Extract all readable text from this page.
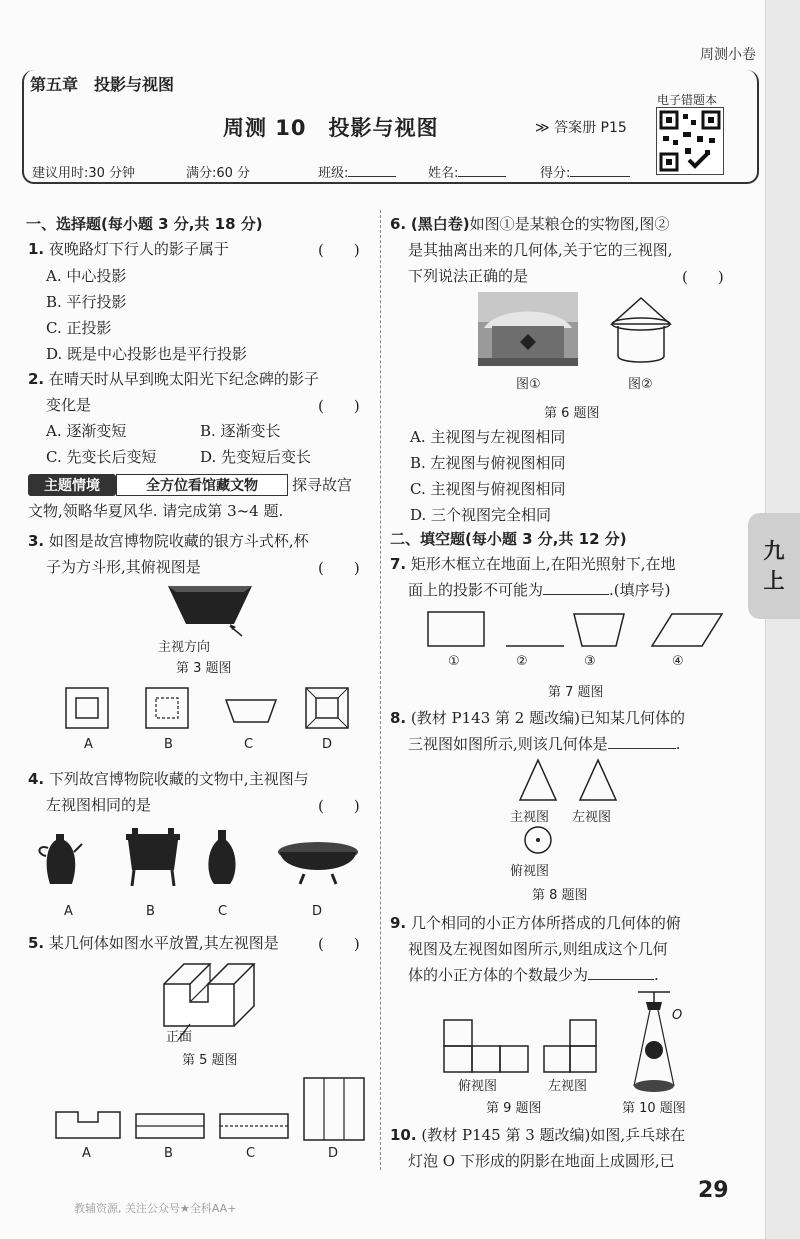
九
上
周测小卷
第五章　投影与视图
周测 10　投影与视图	≫ 答案册 P15
电子错题本
建议用时:30 分钟	满分:60 分	班级:	姓名:	得分:
一、选择题(每小题 3 分,共 18 分)
1. 夜晚路灯下行人的影子属于	(　　)
A. 中心投影
B. 平行投影
C. 正投影
D. 既是中心投影也是平行投影
2. 在晴天时从早到晚太阳光下纪念碑的影子
变化是	(　　)
A. 逐渐变短	B. 逐渐变长
C. 先变长后变短	D. 先变短后变长
主题情境	全方位看馆藏文物	探寻故宫
文物,领略华夏风华. 请完成第 3~4 题.
3. 如图是故宫博物院收藏的银方斗式杯,杯
子为方斗形,其俯视图是	(　　)
主视方向
第 3 题图
A	B	C	D
4. 下列故宫博物院收藏的文物中,主视图与
左视图相同的是	(　　)
A	B	C	D
5. 某几何体如图水平放置,其左视图是	(　　)
正面
第 5 题图
A	B	C	D
6. (黑白卷)如图①是某粮仓的实物图,图②
是其抽离出来的几何体,关于它的三视图,
下列说法正确的是	(　　)
图①	图②
第 6 题图
A. 主视图与左视图相同
B. 左视图与俯视图相同
C. 主视图与俯视图相同
D. 三个视图完全相同
二、填空题(每小题 3 分,共 12 分)
7. 矩形木框立在地面上,在阳光照射下,在地
面上的投影不可能为	.(填序号)
①	②	③	④
第 7 题图
8. (教材 P143 第 2 题改编)已知某几何体的
三视图如图所示,则该几何体是	.
主视图 左视图
俯视图
第 8 题图
9. 几个相同的小正方体所搭成的几何体的俯
视图及左视图如图所示,则组成这个几何
体的小正方体的个数最少为	.
O
俯视图	左视图
第 9 题图	第 10 题图
10. (教材 P145 第 3 题改编)如图,乒乓球在
灯泡 O 下形成的阴影在地面上成圆形,已
29
教辅资源, 关注公众号★全科AA+
